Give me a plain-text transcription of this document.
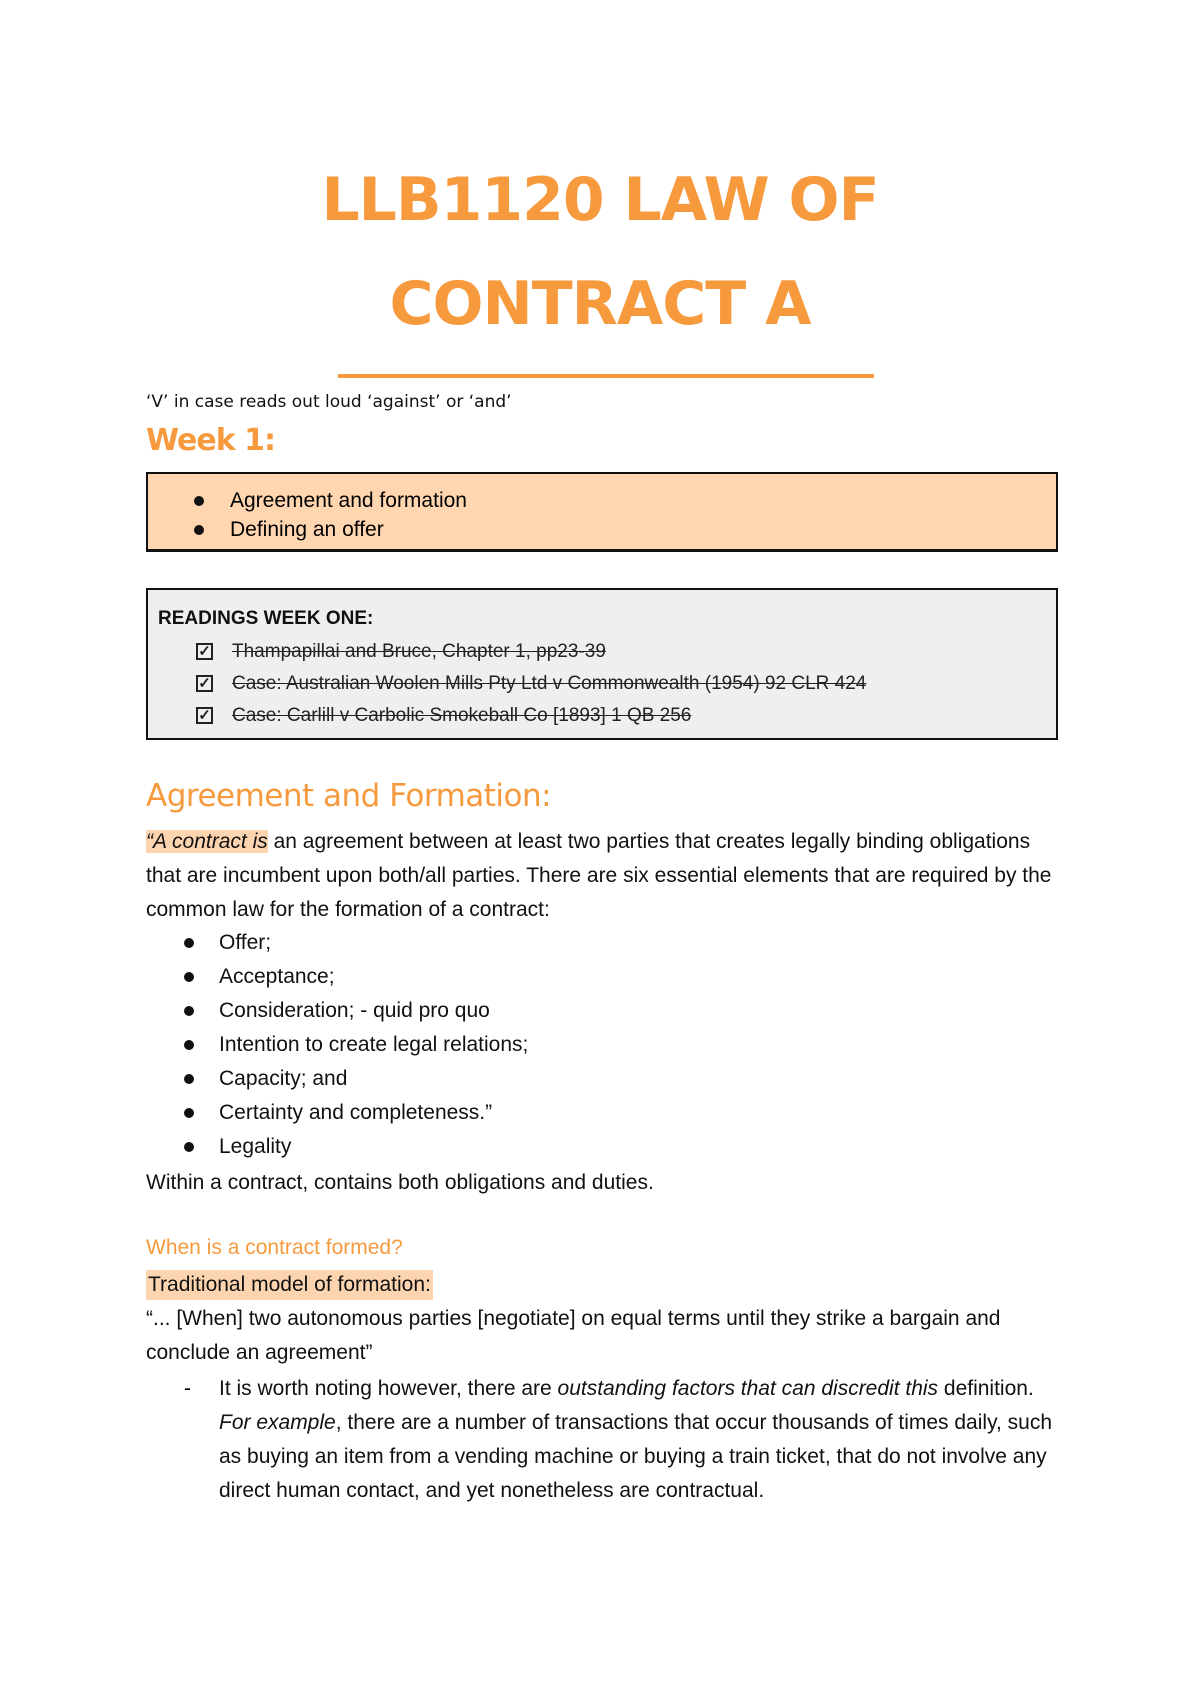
LLB1120 LAW OF CONTRACT A
‘V’ in case reads out loud ‘against’ or ‘and’
Week 1:
Agreement and formation
Defining an offer
READINGS WEEK ONE:
✓ Thampapillai and Bruce, Chapter 1, pp23-39
✓ Case: Australian Woolen Mills Pty Ltd v Commonwealth (1954) 92 CLR 424
✓ Case: Carlill v Carbolic Smokeball Co [1893] 1 QB 256
Agreement and Formation:

“A contract is an agreement between at least two parties that creates legally binding obligations that are incumbent upon both/all parties. There are six essential elements that are required by the common law for the formation of a contract:

Offer;
Acceptance;
Consideration; - quid pro quo
Intention to create legal relations;
Capacity; and
Certainty and completeness.”
Legality

Within a contract, contains both obligations and duties.

When is a contract formed?
Traditional model of formation:

“... [When] two autonomous parties [negotiate] on equal terms until they strike a bargain and conclude an agreement”

- It is worth noting however, there are outstanding factors that can discredit this definition. For example, there are a number of transactions that occur thousands of times daily, such as buying an item from a vending machine or buying a train ticket, that do not involve any direct human contact, and yet nonetheless are contractual.
